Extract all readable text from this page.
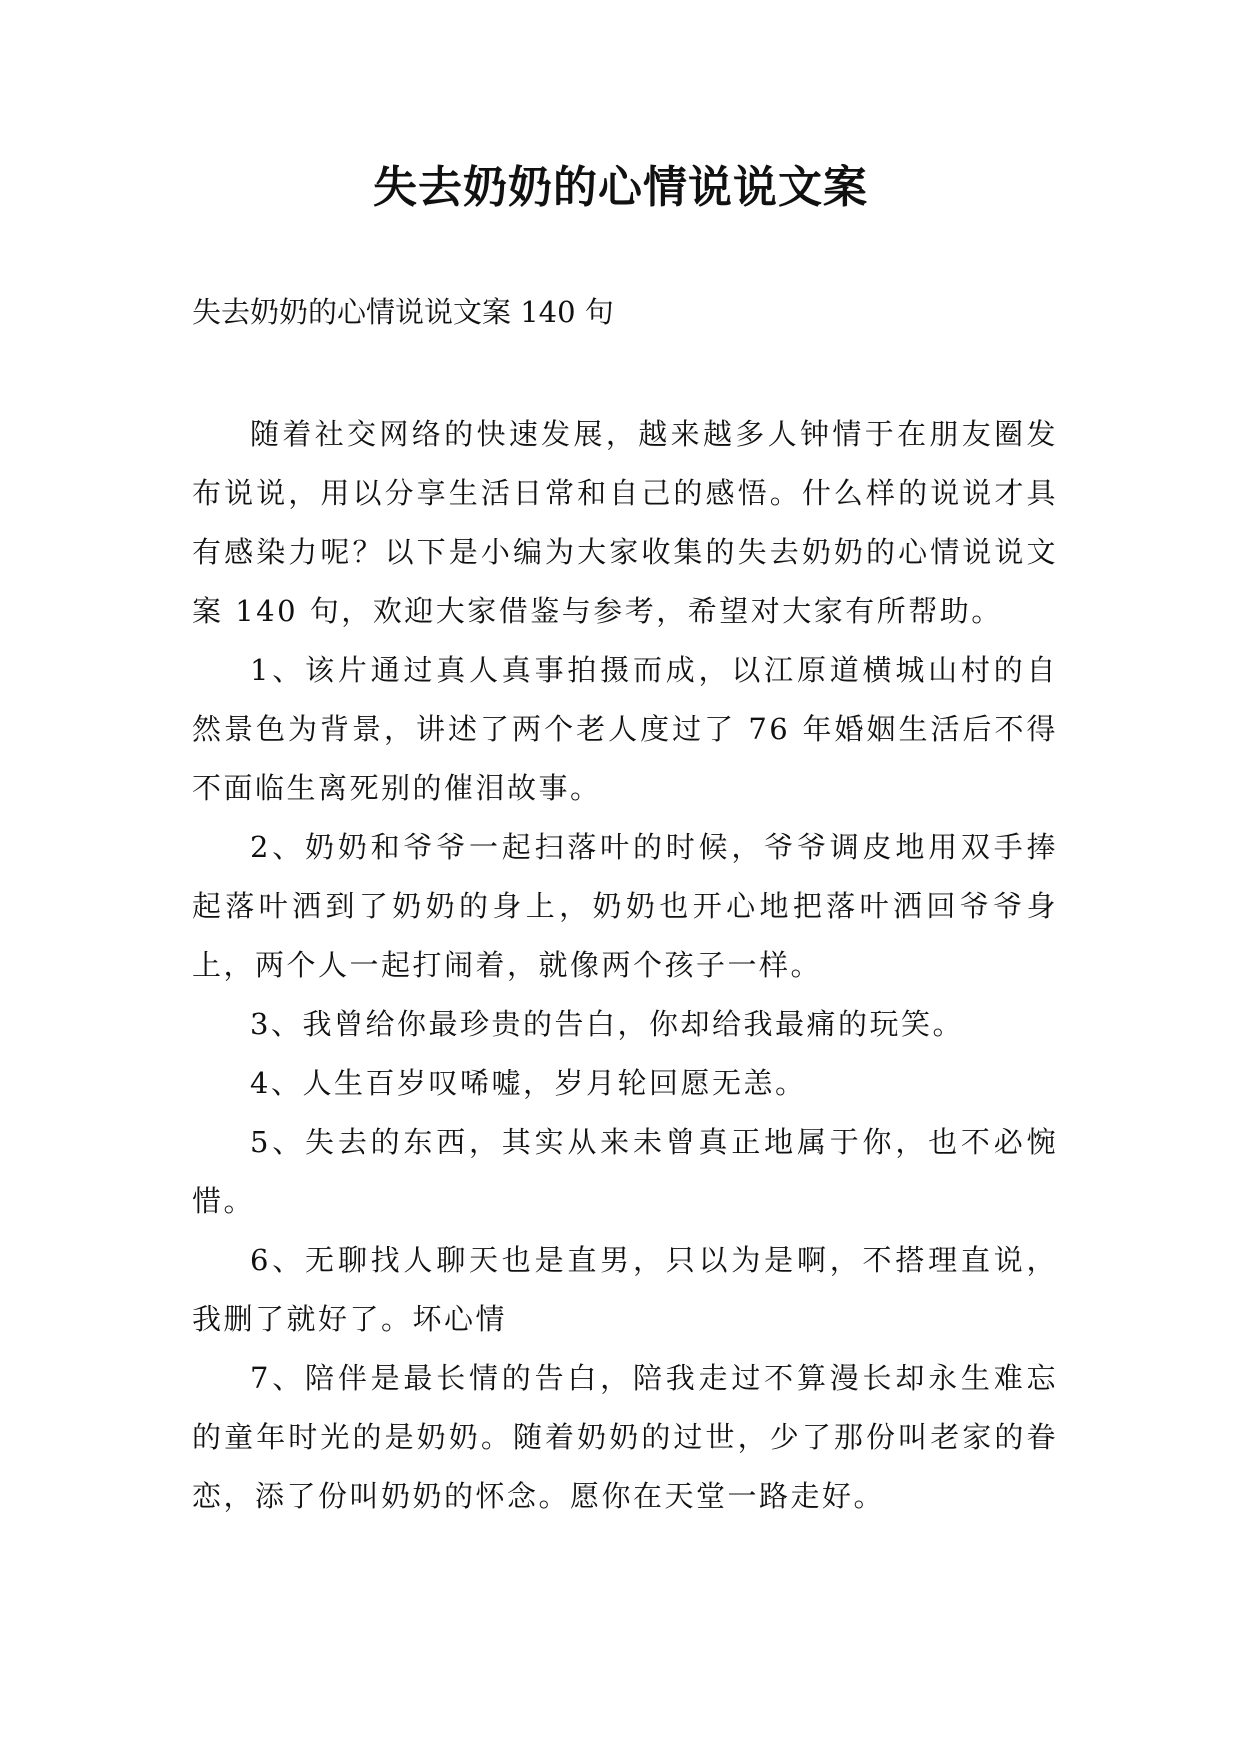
失去奶奶的心情说说文案

失去奶奶的心情说说文案 140 句

随着社交网络的快速发展，越来越多人钟情于在朋友圈发布说说，用以分享生活日常和自己的感悟。什么样的说说才具有感染力呢？以下是小编为大家收集的失去奶奶的心情说说文案 140 句，欢迎大家借鉴与参考，希望对大家有所帮助。

1、该片通过真人真事拍摄而成，以江原道横城山村的自然景色为背景，讲述了两个老人度过了 76 年婚姻生活后不得不面临生离死别的催泪故事。

2、奶奶和爷爷一起扫落叶的时候，爷爷调皮地用双手捧起落叶洒到了奶奶的身上，奶奶也开心地把落叶洒回爷爷身上，两个人一起打闹着，就像两个孩子一样。

3、我曾给你最珍贵的告白，你却给我最痛的玩笑。

4、人生百岁叹唏嘘，岁月轮回愿无恙。

5、失去的东西，其实从来未曾真正地属于你，也不必惋惜。

6、无聊找人聊天也是直男，只以为是啊，不搭理直说，我删了就好了。坏心情

7、陪伴是最长情的告白，陪我走过不算漫长却永生难忘的童年时光的是奶奶。随着奶奶的过世，少了那份叫老家的眷恋，添了份叫奶奶的怀念。愿你在天堂一路走好。
